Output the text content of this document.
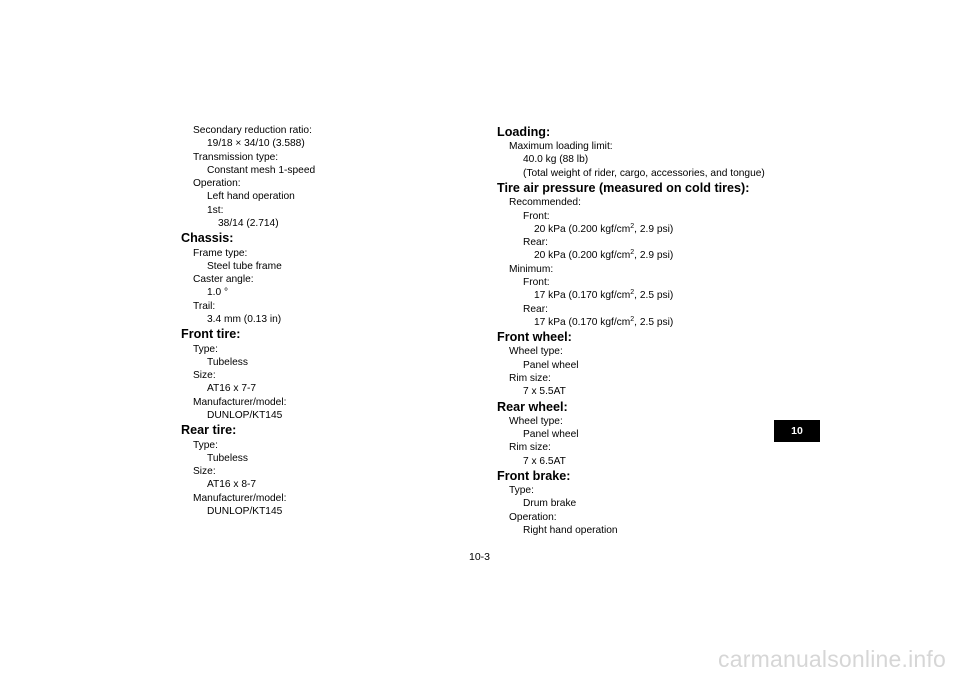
Secondary reduction ratio:
19/18 × 34/10 (3.588)
Transmission type:
Constant mesh 1-speed
Operation:
Left hand operation
1st:
38/14 (2.714)
Chassis:
Frame type:
Steel tube frame
Caster angle:
1.0 °
Trail:
3.4 mm (0.13 in)
Front tire:
Type:
Tubeless
Size:
AT16 x 7-7
Manufacturer/model:
DUNLOP/KT145
Rear tire:
Type:
Tubeless
Size:
AT16 x 8-7
Manufacturer/model:
DUNLOP/KT145
Loading:
Maximum loading limit:
40.0 kg (88 lb)
(Total weight of rider, cargo, accessories, and tongue)
Tire air pressure (measured on cold tires):
Recommended:
Front:
20 kPa (0.200 kgf/$cm^2$, 2.9 psi)
Rear:
20 kPa (0.200 kgf/$cm^2$, 2.9 psi)
Minimum:
Front:
17 kPa (0.170 kgf/$cm^2$, 2.5 psi)
Rear:
17 kPa (0.170 kgf/$cm^2$, 2.5 psi)
Front wheel:
Wheel type:
Panel wheel
Rim size:
7 x 5.5AT
Rear wheel:
Wheel type:
Panel wheel
Rim size:
7 x 6.5AT
Front brake:
Type:
Drum brake
Operation:
Right hand operation
10
10-3
carmanualsonline.info
